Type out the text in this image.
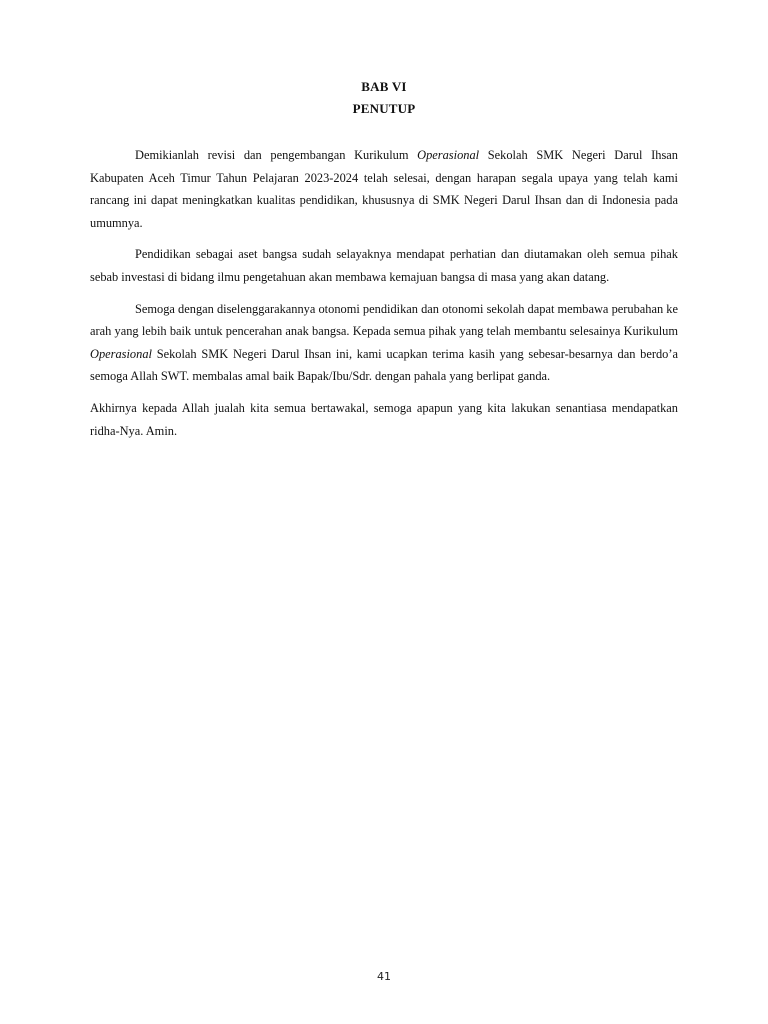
BAB VI
PENUTUP

Demikianlah revisi dan pengembangan Kurikulum Operasional Sekolah SMK Negeri Darul Ihsan Kabupaten Aceh Timur Tahun Pelajaran 2023-2024 telah selesai, dengan harapan segala upaya yang telah kami rancang ini dapat meningkatkan kualitas pendidikan, khususnya di SMK Negeri Darul Ihsan dan di Indonesia pada umumnya.

Pendidikan sebagai aset bangsa sudah selayaknya mendapat perhatian dan diutamakan oleh semua pihak sebab investasi di bidang ilmu pengetahuan akan membawa kemajuan bangsa di masa yang akan datang.

Semoga dengan diselenggarakannya otonomi pendidikan dan otonomi sekolah dapat membawa perubahan ke arah yang lebih baik untuk pencerahan anak bangsa. Kepada semua pihak yang telah membantu selesainya Kurikulum Operasional Sekolah SMK Negeri Darul Ihsan ini, kami ucapkan terima kasih yang sebesar-besarnya dan berdo’a semoga Allah SWT. membalas amal baik Bapak/Ibu/Sdr. dengan pahala yang berlipat ganda.

Akhirnya kepada Allah jualah kita semua bertawakal, semoga apapun yang kita lakukan senantiasa mendapatkan ridha-Nya. Amin.

41
